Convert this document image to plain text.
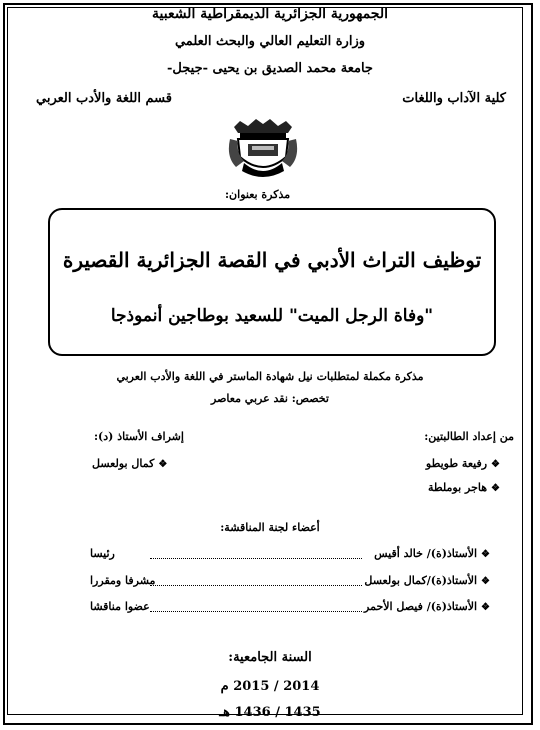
الجمهورية الجزائرية الديمقراطية الشعبية
وزارة التعليم العالي والبحث العلمي
جامعة محمد الصديق بن يحيى -جيجل-
كلية الآداب واللغات
قسم اللغة والأدب العربي
مذكرة بعنوان:
توظيف التراث الأدبي في القصة الجزائرية القصيرة
"وفاة الرجل الميت" للسعيد بوطاجين أنموذجا
مذكرة مكملة لمتطلبات نيل شهادة الماستر في اللغة والأدب العربي
تخصص: نقد عربي معاصر
من إعداد الطالبتين:
❖رفيعة طويطو
❖هاجر بوملطة
إشراف الأستاذ (د):
❖كمال بولعسل
أعضاء لجنة المناقشة:
❖الأستاذ(ة)/ خالد أقيس
رئيسا
❖الأستاذ(ة)/كمال بولعسل
مشرفا ومقررا
❖الأستاذ(ة)/ فيصل الأحمر
عضوا مناقشا
السنة الجامعية:
2014 / 2015 م
1435 / 1436 هـ
